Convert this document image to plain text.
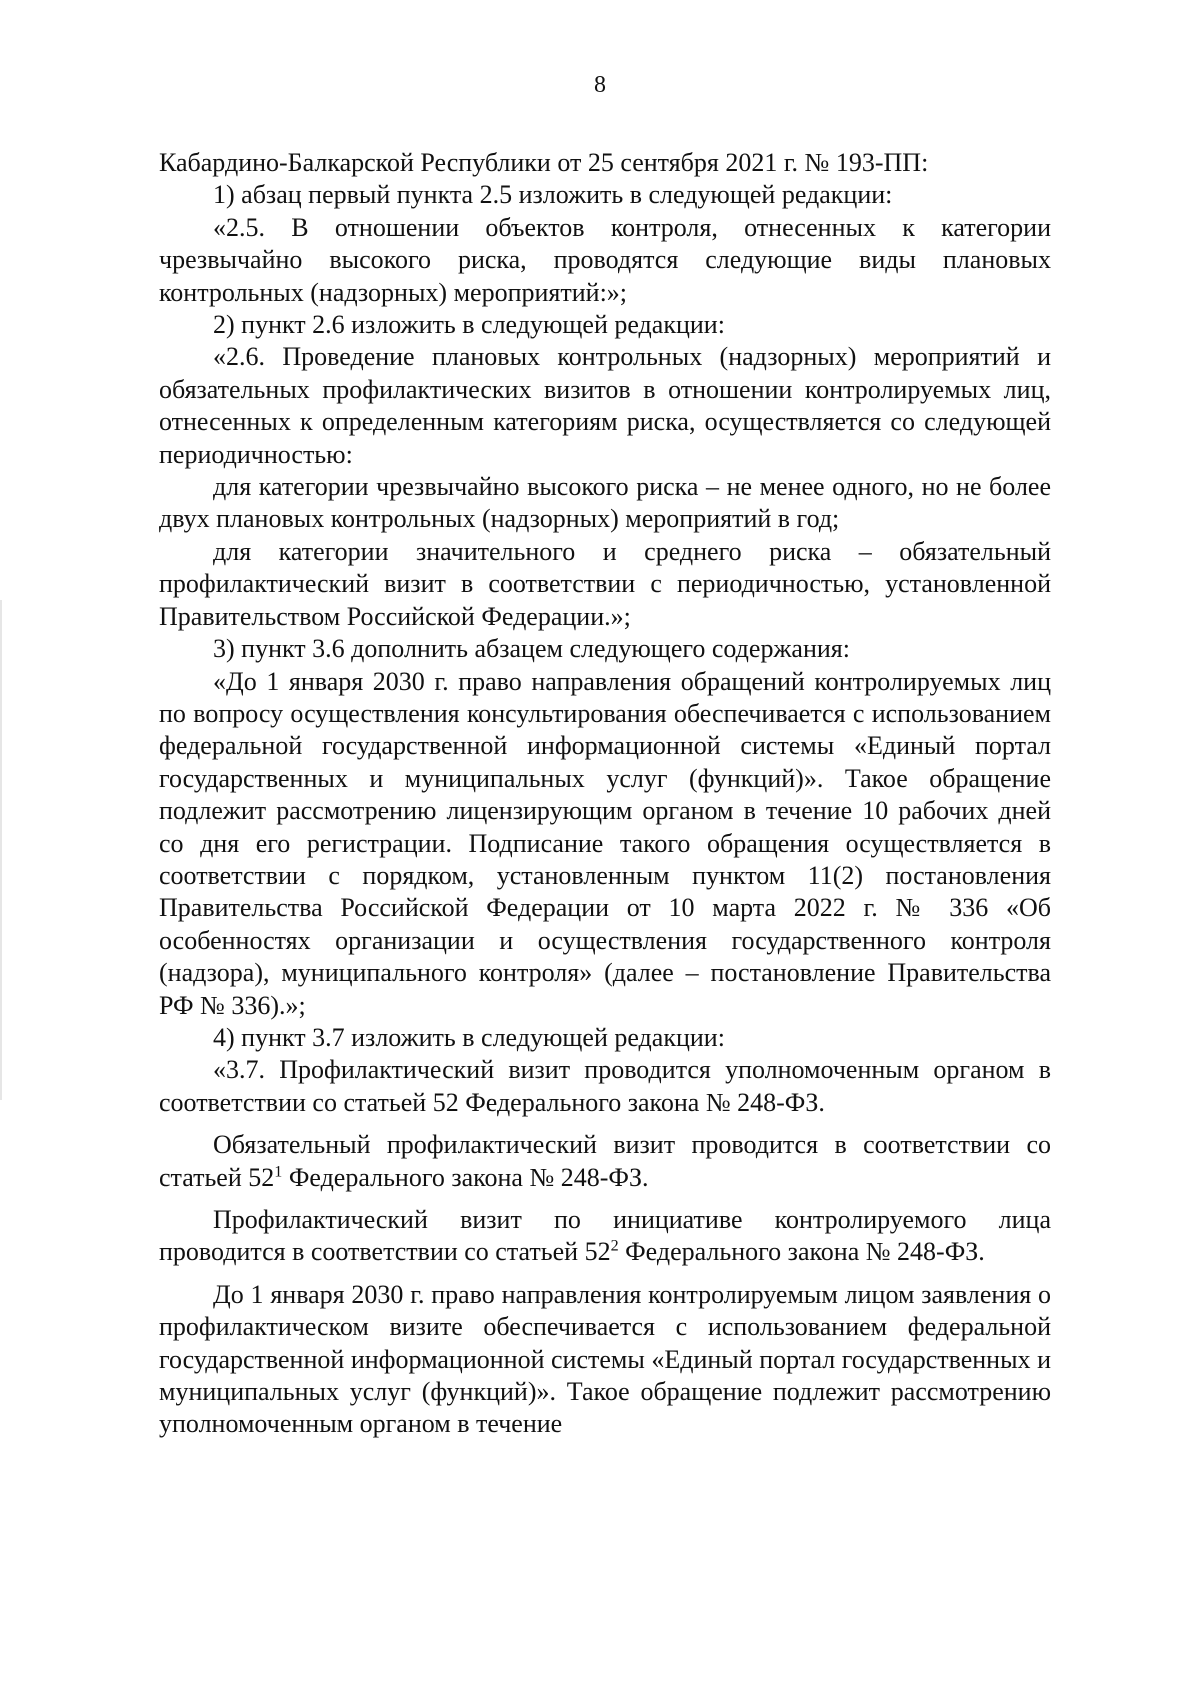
8

Кабардино-Балкарской Республики от 25 сентября 2021 г. № 193-ПП:

1) абзац первый пункта 2.5 изложить в следующей редакции:

«2.5. В отношении объектов контроля, отнесенных к категории чрезвычайно высокого риска, проводятся следующие виды плановых контрольных (надзорных) мероприятий:»;

2) пункт 2.6 изложить в следующей редакции:

«2.6. Проведение плановых контрольных (надзорных) мероприятий и обязательных профилактических визитов в отношении контролируемых лиц, отнесенных к определенным категориям риска, осуществляется со следующей периодичностью:

для категории чрезвычайно высокого риска – не менее одного, но не более двух плановых контрольных (надзорных) мероприятий в год;

для категории значительного и среднего риска – обязательный профилактический визит в соответствии с периодичностью, установленной Правительством Российской Федерации.»;

3) пункт 3.6 дополнить абзацем следующего содержания:

«До 1 января 2030 г. право направления обращений контролируемых лиц по вопросу осуществления консультирования обеспечивается с использованием федеральной государственной информационной системы «Единый портал государственных и муниципальных услуг (функций)». Такое обращение подлежит рассмотрению лицензирующим органом в течение 10 рабочих дней со дня его регистрации. Подписание такого обращения осуществляется в соответствии с порядком, установленным пунктом 11(2) постановления Правительства Российской Федерации от 10 марта 2022 г. № 336 «Об особенностях организации и осуществления государственного контроля (надзора), муниципального контроля» (далее – постановление Правительства РФ № 336).»;

4) пункт 3.7 изложить в следующей редакции:

«3.7. Профилактический визит проводится уполномоченным органом в соответствии со статьей 52 Федерального закона № 248-ФЗ.

Обязательный профилактический визит проводится в соответствии со статьей $52^1$ Федерального закона № 248-ФЗ.

Профилактический визит по инициативе контролируемого лица проводится в соответствии со статьей $52^2$ Федерального закона № 248-ФЗ.

До 1 января 2030 г. право направления контролируемым лицом заявления о профилактическом визите обеспечивается с использованием федеральной государственной информационной системы «Единый портал государственных и муниципальных услуг (функций)». Такое обращение подлежит рассмотрению уполномоченным органом в течение
